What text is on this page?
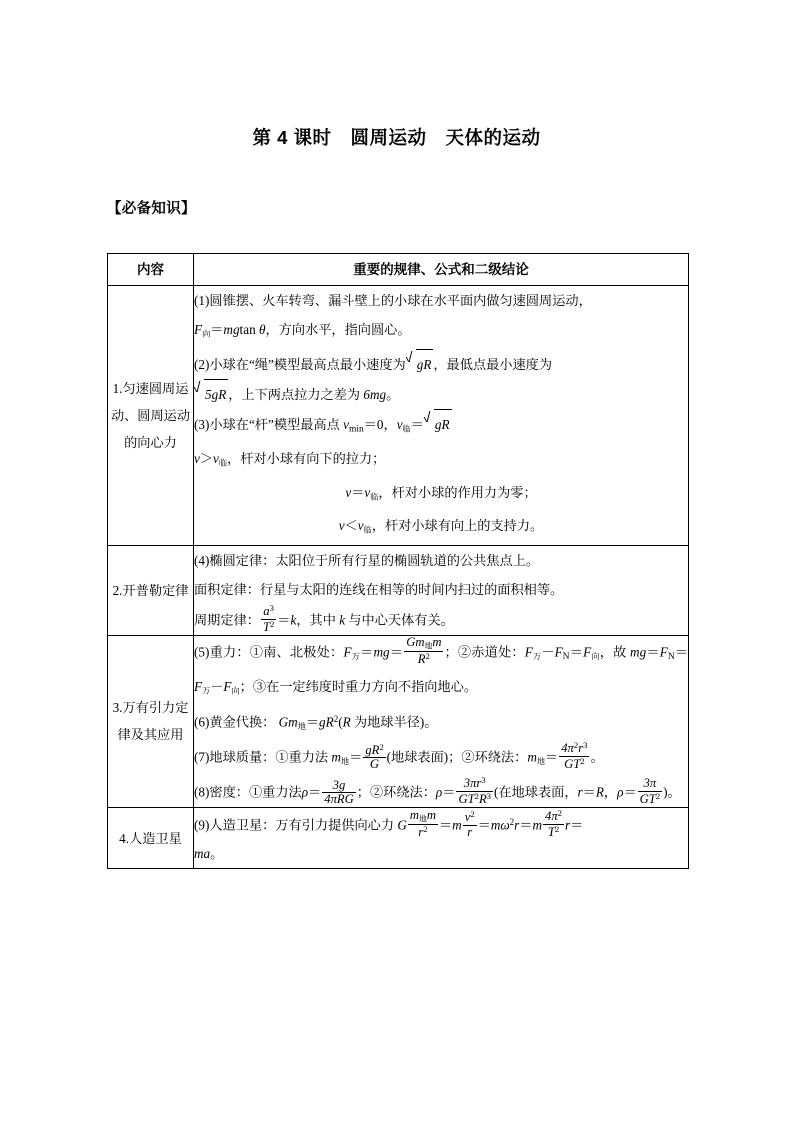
第 4 课时　圆周运动　天体的运动
【必备知识】
内容	重要的规律、公式和二级结论
1.匀速圆周运动、圆周运动的向心力	
(1)圆锥摆、火车转弯、漏斗壁上的小球在水平面内做匀速圆周运动，
$F_向=mgtan$ θ，方向水平，指向圆心。
(2)小球在“绳”模型最高点最小速度为 gR ，最低点最小速度为
5gR ，上下两点拉力之差为 6mg。
(3)小球在“杆”模型最高点 $v_{min}=0$，$v_临=$ gR
$v>v_临$，杆对小球有向下的拉力；
$v=v_临$，杆对小球的作用力为零；
$v<v_临$，杆对小球有向上的支持力。

2.开普勒定律	
(4)椭圆定律：太阳位于所有行星的椭圆轨道的公共焦点上。
面积定律：行星与太阳的连线在相等的时间内扫过的面积相等。
周期定律： $\frac{a^3}{T^2} =k$，其中 k 与中心天体有关。

3.万有引力定律及其应用	
(5)重力：①南、北极处：$F_万=mg= \frac{Gm_地m}{R^2}$ ；②赤道处：$F_万-F_N=F_向$，故 $mg=F_N=F_万-F_向$；③在一定纬度时重力方向不指向地心。
(6)黄金代换： $Gm_地=gR^2(R$ 为地球半径)。
(7)地球质量：①重力法 $m_地= \frac{gR^2}{G}$ (地球表面)；②环绕法：$m_地= \frac{4\pi^2r^3}{GT^2}$ 。
(8)密度：①重力法$\rho= \frac{3g}{\text{4πRG}}$ ；②环绕法：$\rho= \frac{3\pi r^3}{GT^2R^3}$ (在地球表面，r＝R，$\rho= \frac{3\pi}{GT^2}$ )。

4.人造卫星	
(9)人造卫星：万有引力提供向心力 G $\frac{m_地m}{r^2} =m \frac{v^2}{r} =m\omega^2r=m \frac{4\pi^2}{T^2} r=$
ma。
